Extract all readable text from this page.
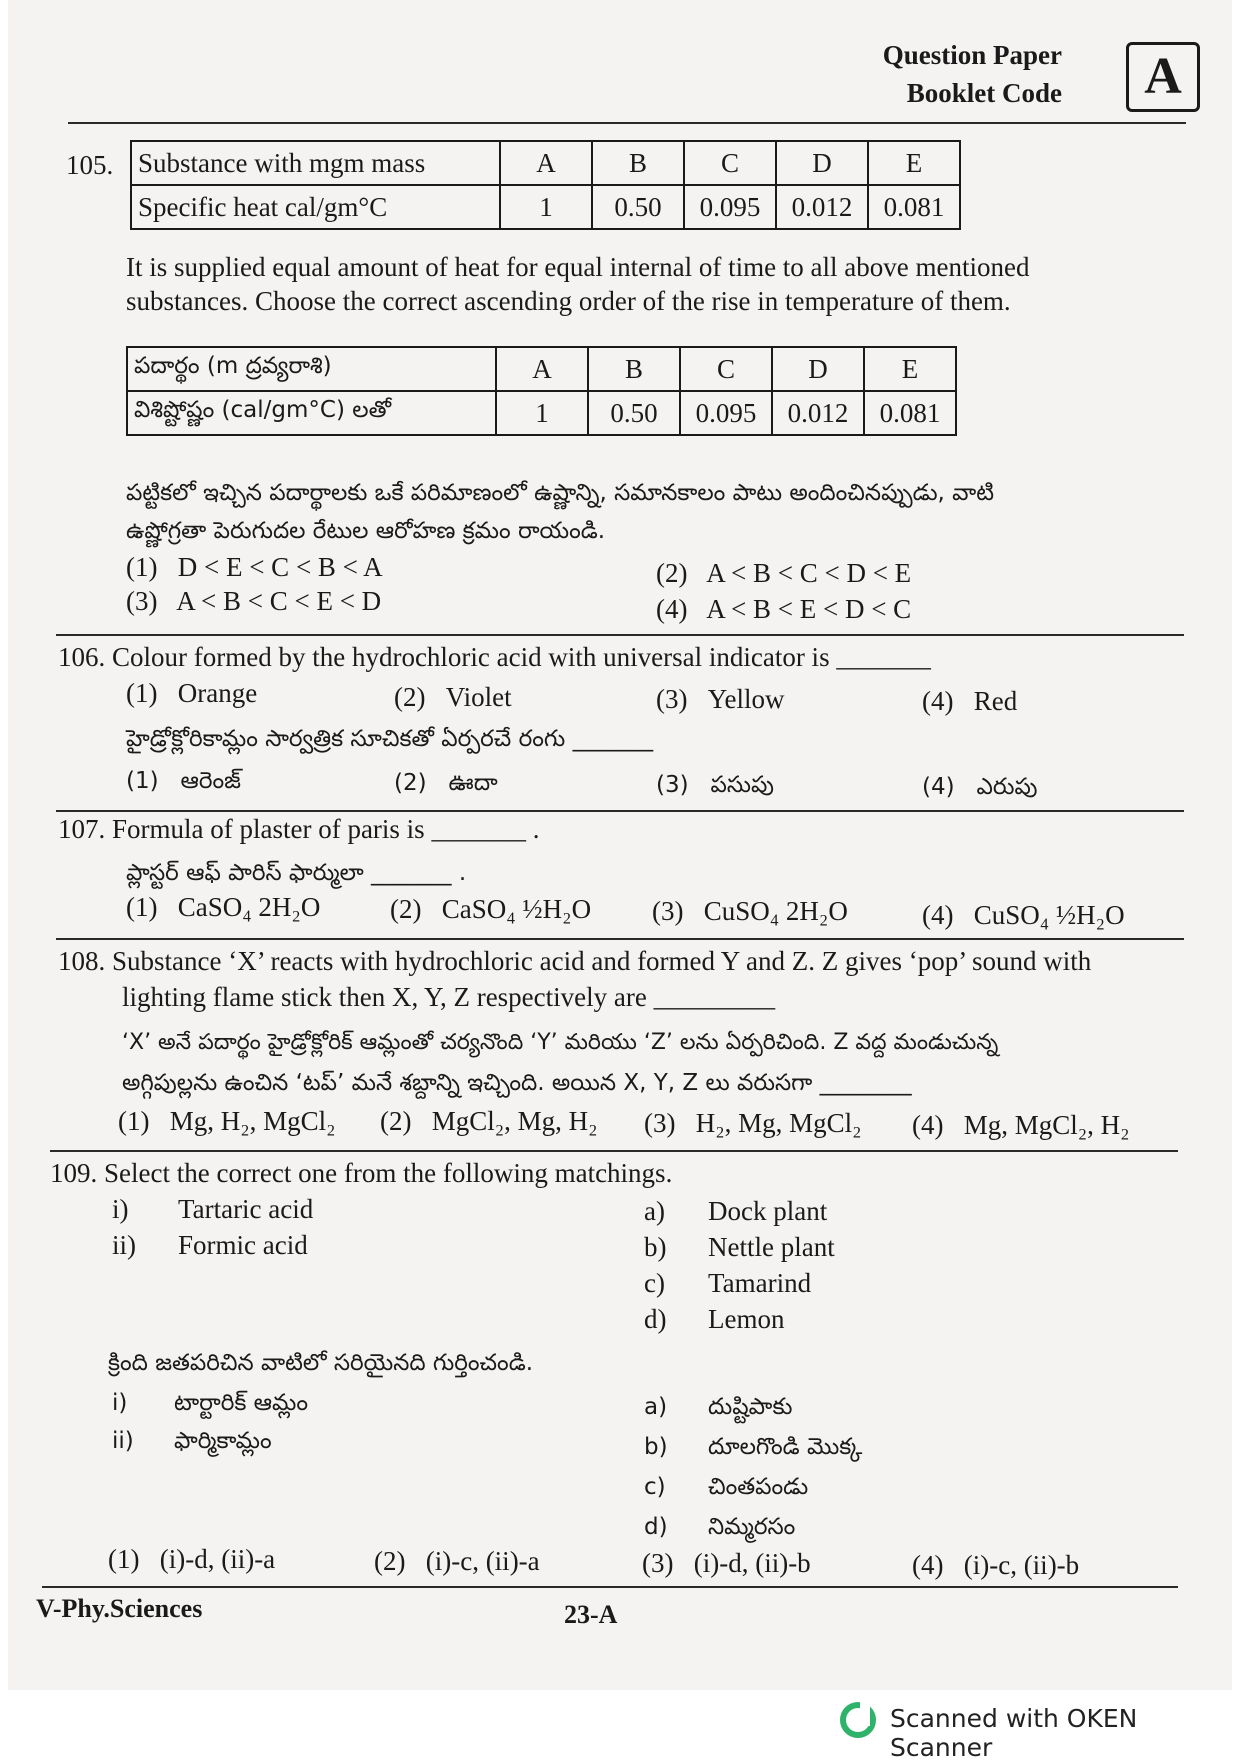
Question Paper
Booklet Code	A
105. Substance with mgm mass	A	B	C	D	E
Specific heat cal/gm°C	1	0.50	0.095	0.012	0.081
It is supplied equal amount of heat for equal internal of time to all above mentioned
substances. Choose the correct ascending order of the rise in temperature of them.
పదార్థం (m ద్రవ్యరాశి)	A	B	C	D	E
విశిష్టోష్ణం (cal/gm°C) లతో	1	0.50	0.095	0.012	0.081
పట్టికలో ఇచ్చిన పదార్థాలకు ఒకే పరిమాణంలో ఉష్ణాన్ని, సమానకాలం పాటు అందించినప్పుడు, వాటి
ఉష్ణోగ్రతా పెరుగుదల రేటుల ఆరోహణ క్రమం రాయండి.
(1) D < E < C < B < A	(2) A < B < C < D < E
(3) A < B < C < E < D	(4) A < B < E < D < C
106. Colour formed by the hydrochloric acid with universal indicator is _______
(1) Orange	(2) Violet	(3) Yellow	(4) Red
హైడ్రోక్లోరికామ్లం సార్వత్రిక సూచికతో ఏర్పరచే రంగు _______
(1) ఆరెంజ్	(2) ఊదా	(3) పసుపు	(4) ఎరుపు
107. Formula of plaster of paris is _______ .
ప్లాస్టర్ ఆఫ్ పారిస్ ఫార్ములా _______ .
(1) CaSO₄ 2H₂O	(2) CaSO₄ ½H₂O (3) CuSO₄ 2H₂O	(4) CuSO₄ ½H₂O
108. Substance ‘X’ reacts with hydrochloric acid and formed Y and Z. Z gives ‘pop’ sound with
lighting flame stick then X, Y, Z respectively are _________
‘X’ అనే పదార్థం హైడ్రోక్లోరిక్ ఆమ్లంతో చర్యనొంది ‘Y’ మరియు ‘Z’ లను ఏర్పరిచింది. Z వద్ద మండుచున్న
అగ్గిపుల్లను ఉంచిన ‘టప్’ మనే శబ్దాన్ని ఇచ్చింది. అయిన X, Y, Z లు వరుసగా ________
(1) Mg, H₂, MgCl₂ (2) MgCl₂, Mg, H₂ (3) H₂, Mg, MgCl₂ (4) Mg, MgCl₂, H₂
109. Select the correct one from the following matchings.
i) Tartaric acid
ii) Formic acid
a) Dock plant
b) Nettle plant
c) Tamarind
d) Lemon
క్రింది జతపరిచిన వాటిలో సరియైనది గుర్తించండి.
i) టార్టారిక్ ఆమ్లం
ii) ఫార్మికామ్లం
a) దుష్టిపాకు
b) దూలగొండి మొక్క
c) చింతపండు
d) నిమ్మరసం
(1) (i)-d, (ii)-a	(2) (i)-c, (ii)-a	(3) (i)-d, (ii)-b	(4) (i)-c, (ii)-b
V-Phy.Sciences	23-A
Scanned with OKEN Scanner
